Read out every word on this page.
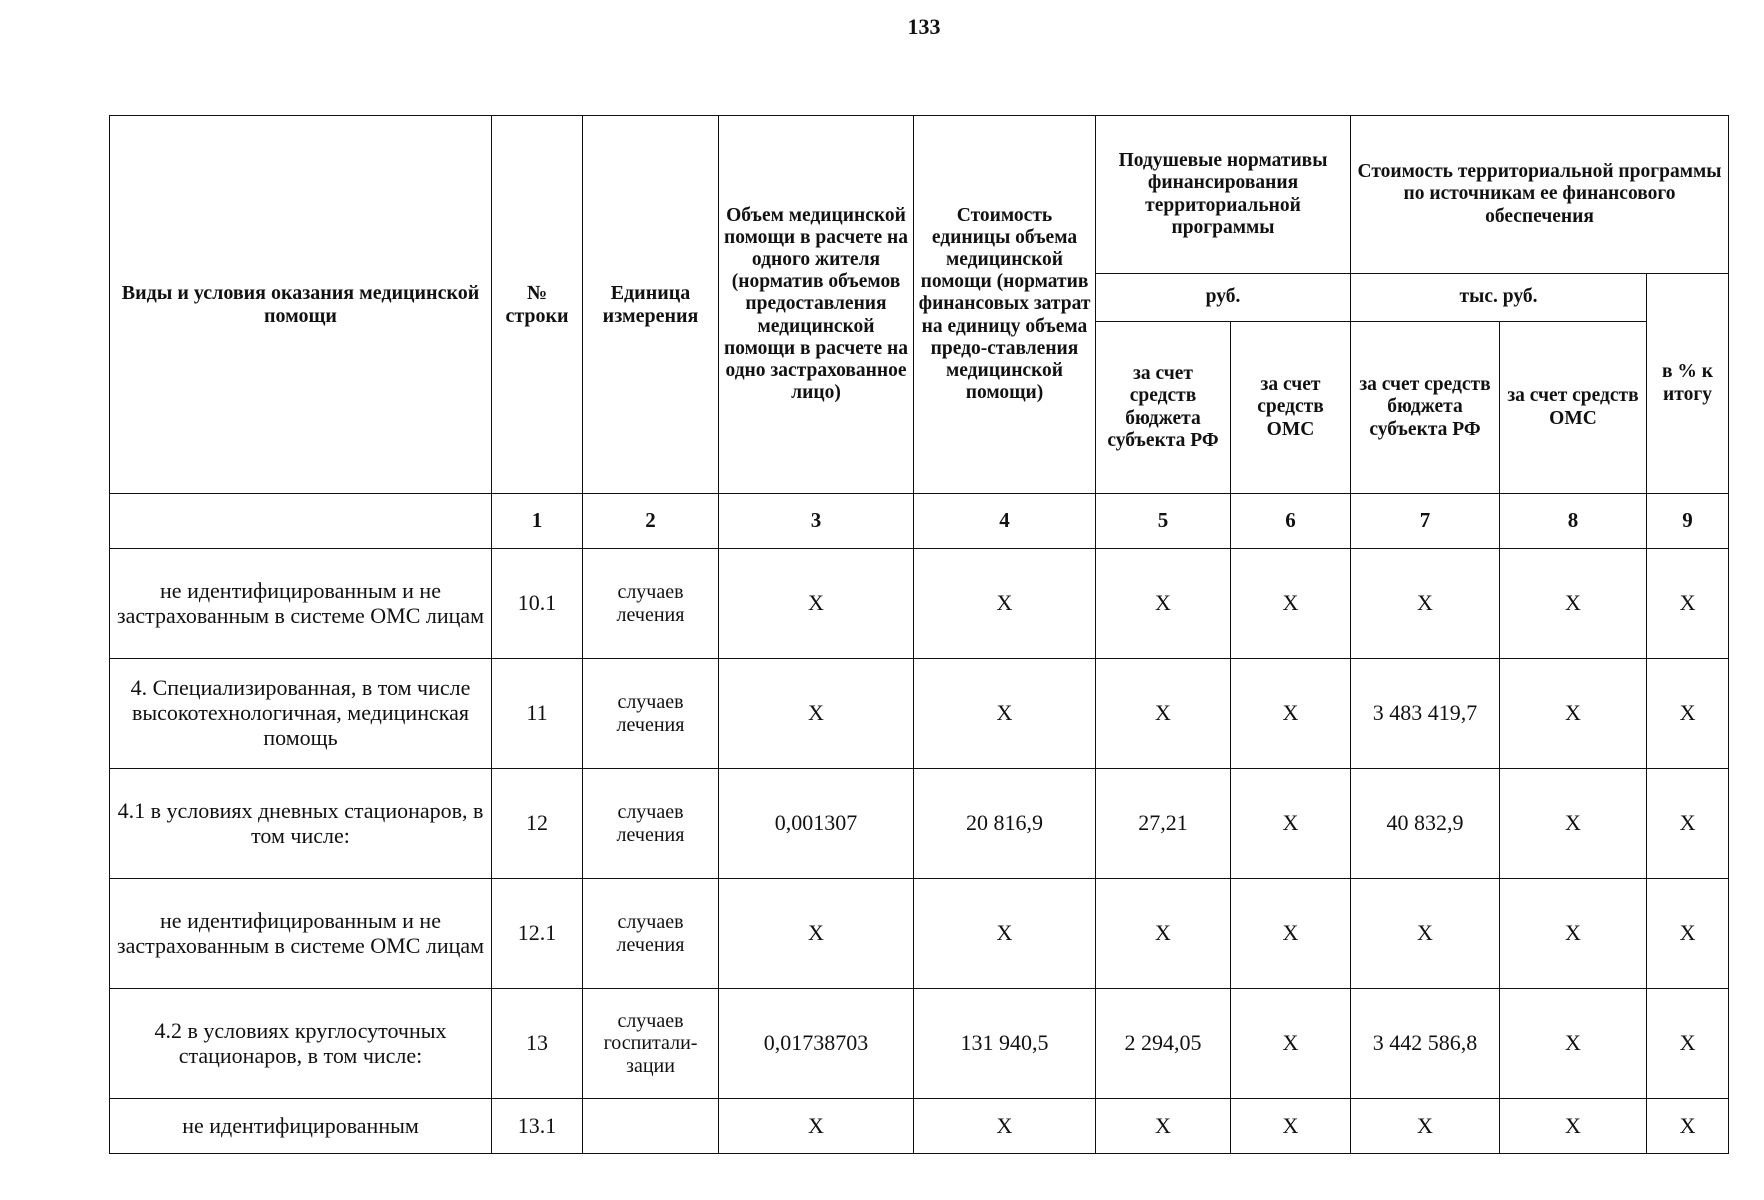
133
Виды и условия оказания медицинской помощи	№ строки	Единица измерения	Объем медицинской помощи в расчете на одного жителя (норматив объемов предоставления медицинской помощи в расчете на одно застрахованное лицо)	Стоимость единицы объема медицинской помощи (норматив финансовых затрат на единицу объема предо-ставления медицинской помощи)	Подушевые нормативы финансирования территориальной программы		Стоимость территориальной программы по источникам ее финансового обеспечения		
					руб.		тыс. руб.		в % к итогу
					за счет средств бюджета субъекта РФ	за счет средств ОМС	за счет средств бюджета субъекта РФ	за счет средств ОМС	
	1	2	3	4	5	6	7	8	9
не идентифицированным и не застрахованным в системе ОМС лицам	10.1	случаев лечения	Х	Х	Х	Х	Х	Х	Х
4. Специализированная, в том числе высокотехнологичная, медицинская помощь	11	случаев лечения	Х	Х	Х	Х	3 483 419,7	Х	Х
4.1 в условиях дневных стационаров, в том числе:	12	случаев лечения	0,001307	20 816,9	27,21	Х	40 832,9	Х	Х
не идентифицированным и не застрахованным в системе ОМС лицам	12.1	случаев лечения	Х	Х	Х	Х	Х	Х	Х
4.2 в условиях круглосуточных стационаров, в том числе:	13	случаев госпитали-зации	0,01738703	131 940,5	2 294,05	Х	3 442 586,8	Х	Х
не идентифицированным	13.1		Х	Х	Х	Х	Х	Х	Х
